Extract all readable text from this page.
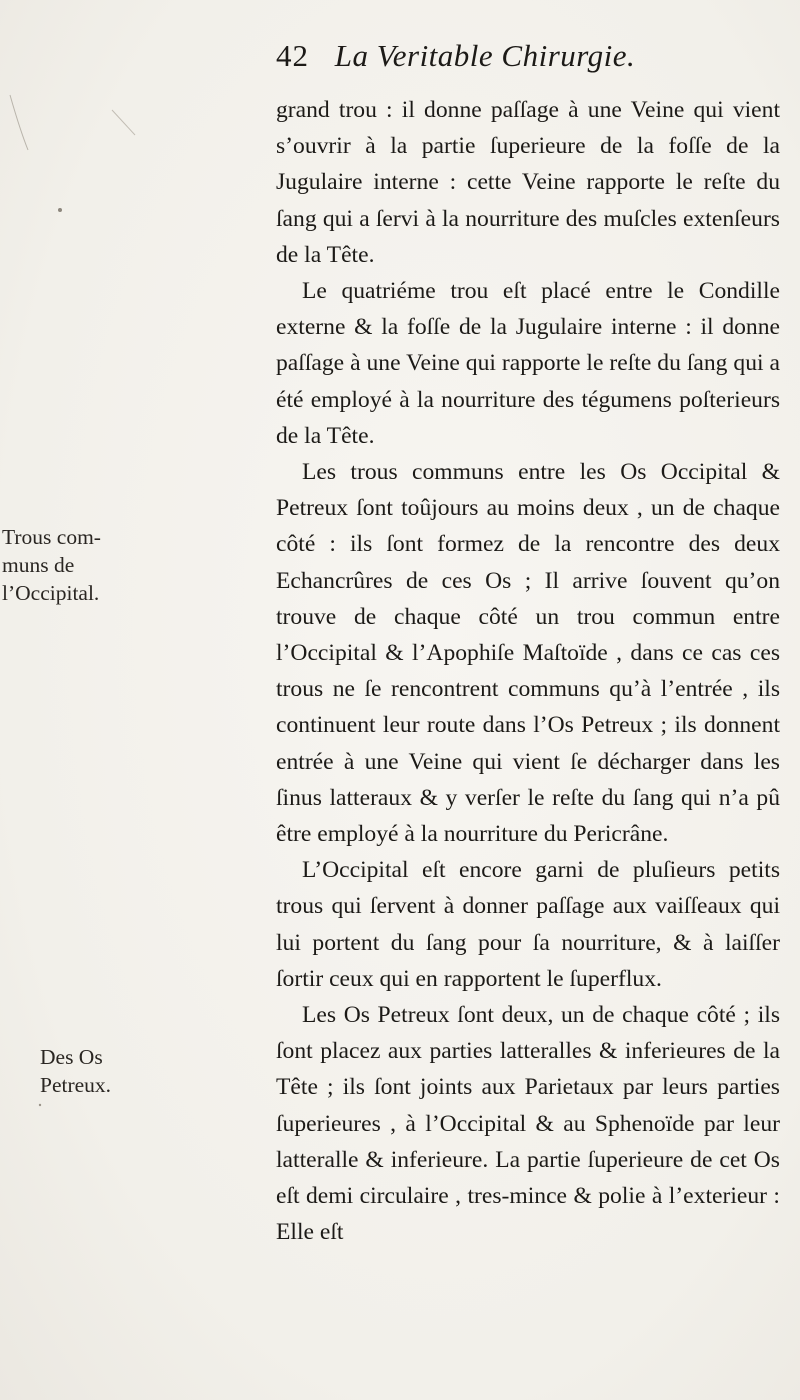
42 La Veritable Chirurgie.

grand trou : il donne paſſage à une Veine qui vient s’ouvrir à la partie ſuperieure de la foſſe de la Jugulaire interne : cette Veine rapporte le reſte du ſang qui a ſervi à la nourriture des muſcles extenſeurs de la Tête.

Le quatriéme trou eſt placé entre le Condille externe & la foſſe de la Jugulaire interne : il donne paſſage à une Veine qui rapporte le reſte du ſang qui a été employé à la nourriture des tégumens poſterieurs de la Tête.

Les trous communs entre les Os Occipital & Petreux ſont toûjours au moins deux , un de chaque côté : ils ſont formez de la rencontre des deux Echancrûres de ces Os ; Il arrive ſouvent qu’on trouve de chaque côté un trou commun entre l’Occipital & l’Apophiſe Maſtoïde , dans ce cas ces trous ne ſe rencontrent communs qu’à l’entrée , ils continuent leur route dans l’Os Petreux ; ils donnent entrée à une Veine qui vient ſe décharger dans les ſinus latteraux & y verſer le reſte du ſang qui n’a pû être employé à la nourriture du Pericrâne.

L’Occipital eſt encore garni de pluſieurs petits trous qui ſervent à donner paſſage aux vaiſſeaux qui lui portent du ſang pour ſa nourriture, & à laiſſer ſortir ceux qui en rapportent le ſuperflux.

Les Os Petreux ſont deux, un de chaque côté ; ils ſont placez aux parties latteralles & inferieures de la Tête ; ils ſont joints aux Parietaux par leurs parties ſuperieures , à l’Occipital & au Sphenoïde par leur latteralle & inferieure. La partie ſuperieure de cet Os eſt demi circulaire , tres-mince & polie à l’exterieur : Elle eſt

Trous com-
muns de
l’Occipital.
Des Os
Petreux.
